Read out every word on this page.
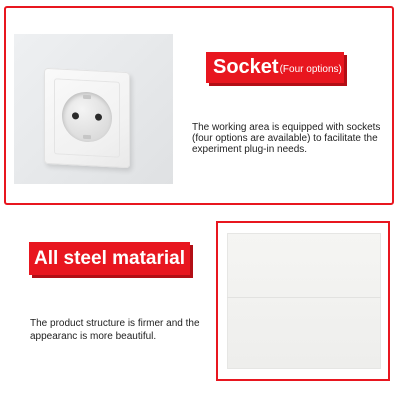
Socket (Four options)

The working area is equipped with sockets (four options are available) to facilitate the experiment plug-in needs.

All steel matarial

The product structure is firmer and the appearanc is more beautiful.
